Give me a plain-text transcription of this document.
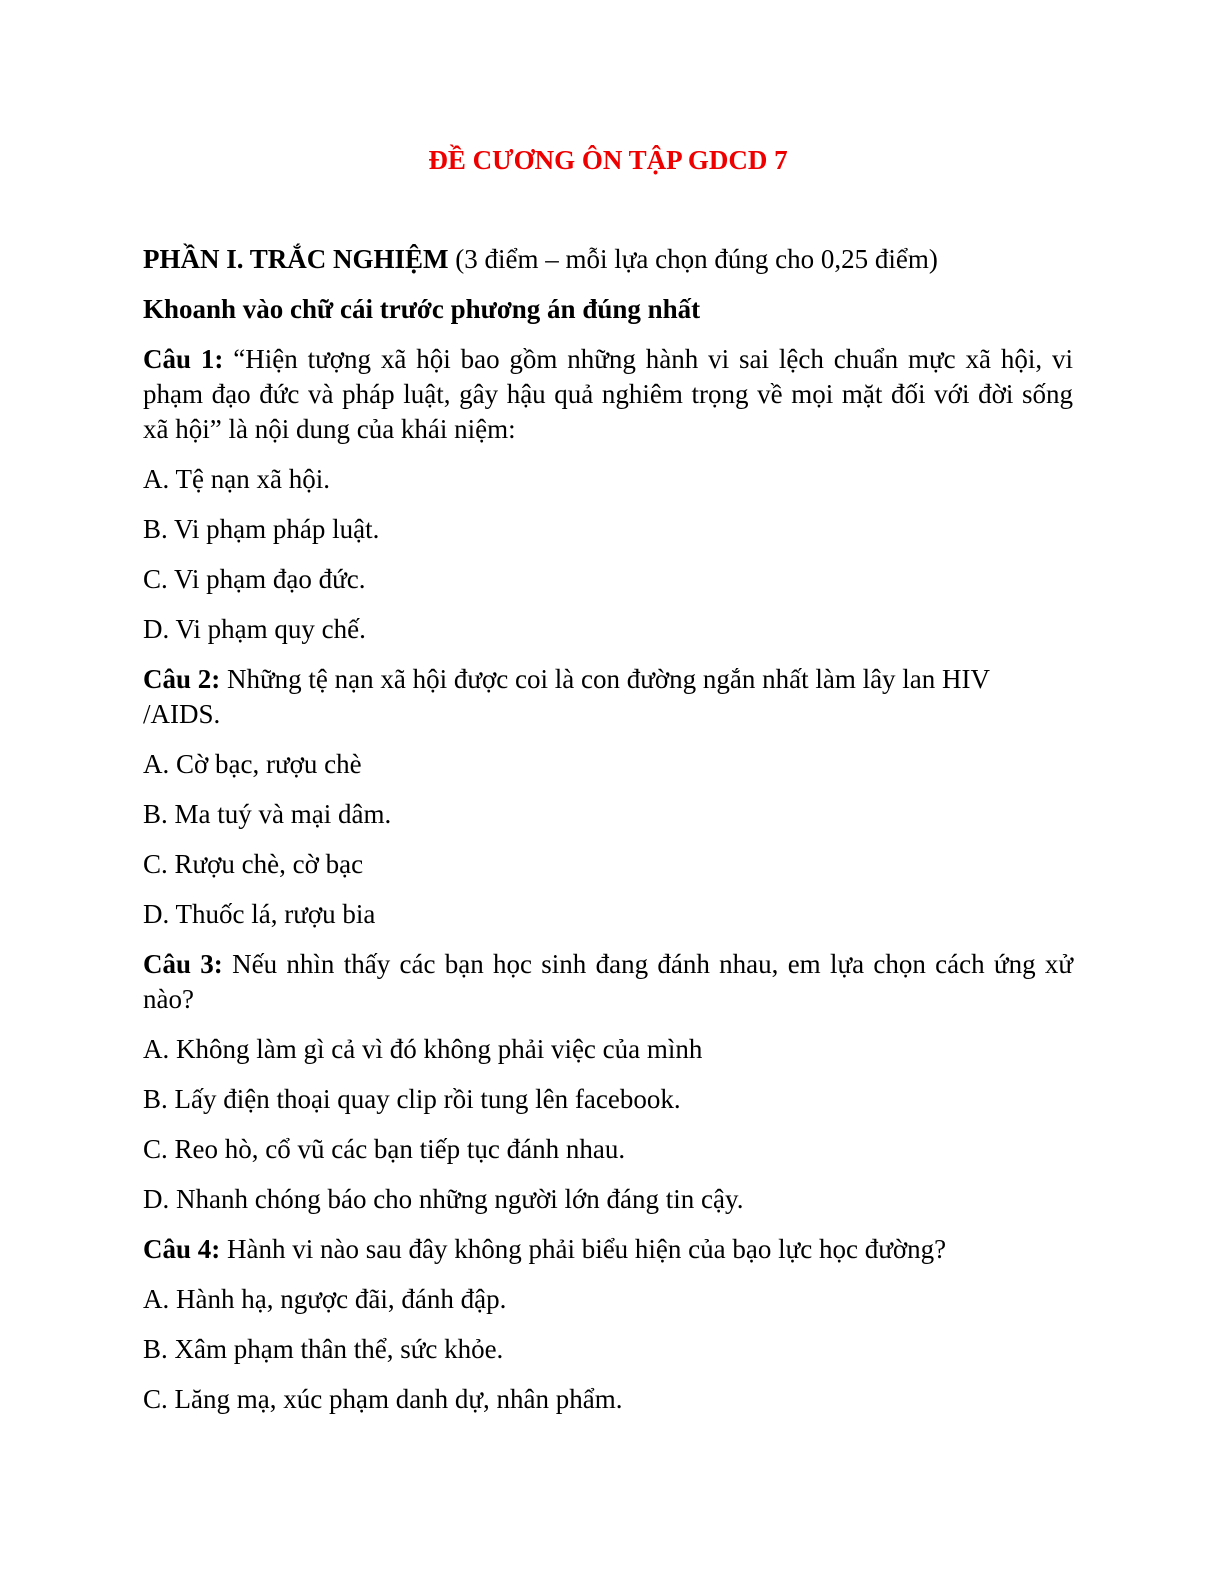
ĐỀ CƯƠNG ÔN TẬP GDCD 7

PHẦN I. TRẮC NGHIỆM (3 điểm – mỗi lựa chọn đúng cho 0,25 điểm)

Khoanh vào chữ cái trước phương án đúng nhất

Câu 1: “Hiện tượng xã hội bao gồm những hành vi sai lệch chuẩn mực xã hội, vi phạm đạo đức và pháp luật, gây hậu quả nghiêm trọng về mọi mặt đối với đời sống xã hội” là nội dung của khái niệm:

A. Tệ nạn xã hội.

B. Vi phạm pháp luật.

C. Vi phạm đạo đức.

D. Vi phạm quy chế.

Câu 2: Những tệ nạn xã hội được coi là con đường ngắn nhất làm lây lan HIV /AIDS.

A. Cờ bạc, rượu chè

B. Ma tuý và mại dâm.

C. Rượu chè, cờ bạc

D. Thuốc lá, rượu bia

Câu 3: Nếu nhìn thấy các bạn học sinh đang đánh nhau, em lựa chọn cách ứng xử nào?

A. Không làm gì cả vì đó không phải việc của mình

B. Lấy điện thoại quay clip rồi tung lên facebook.

C. Reo hò, cổ vũ các bạn tiếp tục đánh nhau.

D. Nhanh chóng báo cho những người lớn đáng tin cậy.

Câu 4: Hành vi nào sau đây không phải biểu hiện của bạo lực học đường?

A. Hành hạ, ngược đãi, đánh đập.

B. Xâm phạm thân thể, sức khỏe.

C. Lăng mạ, xúc phạm danh dự, nhân phẩm.
